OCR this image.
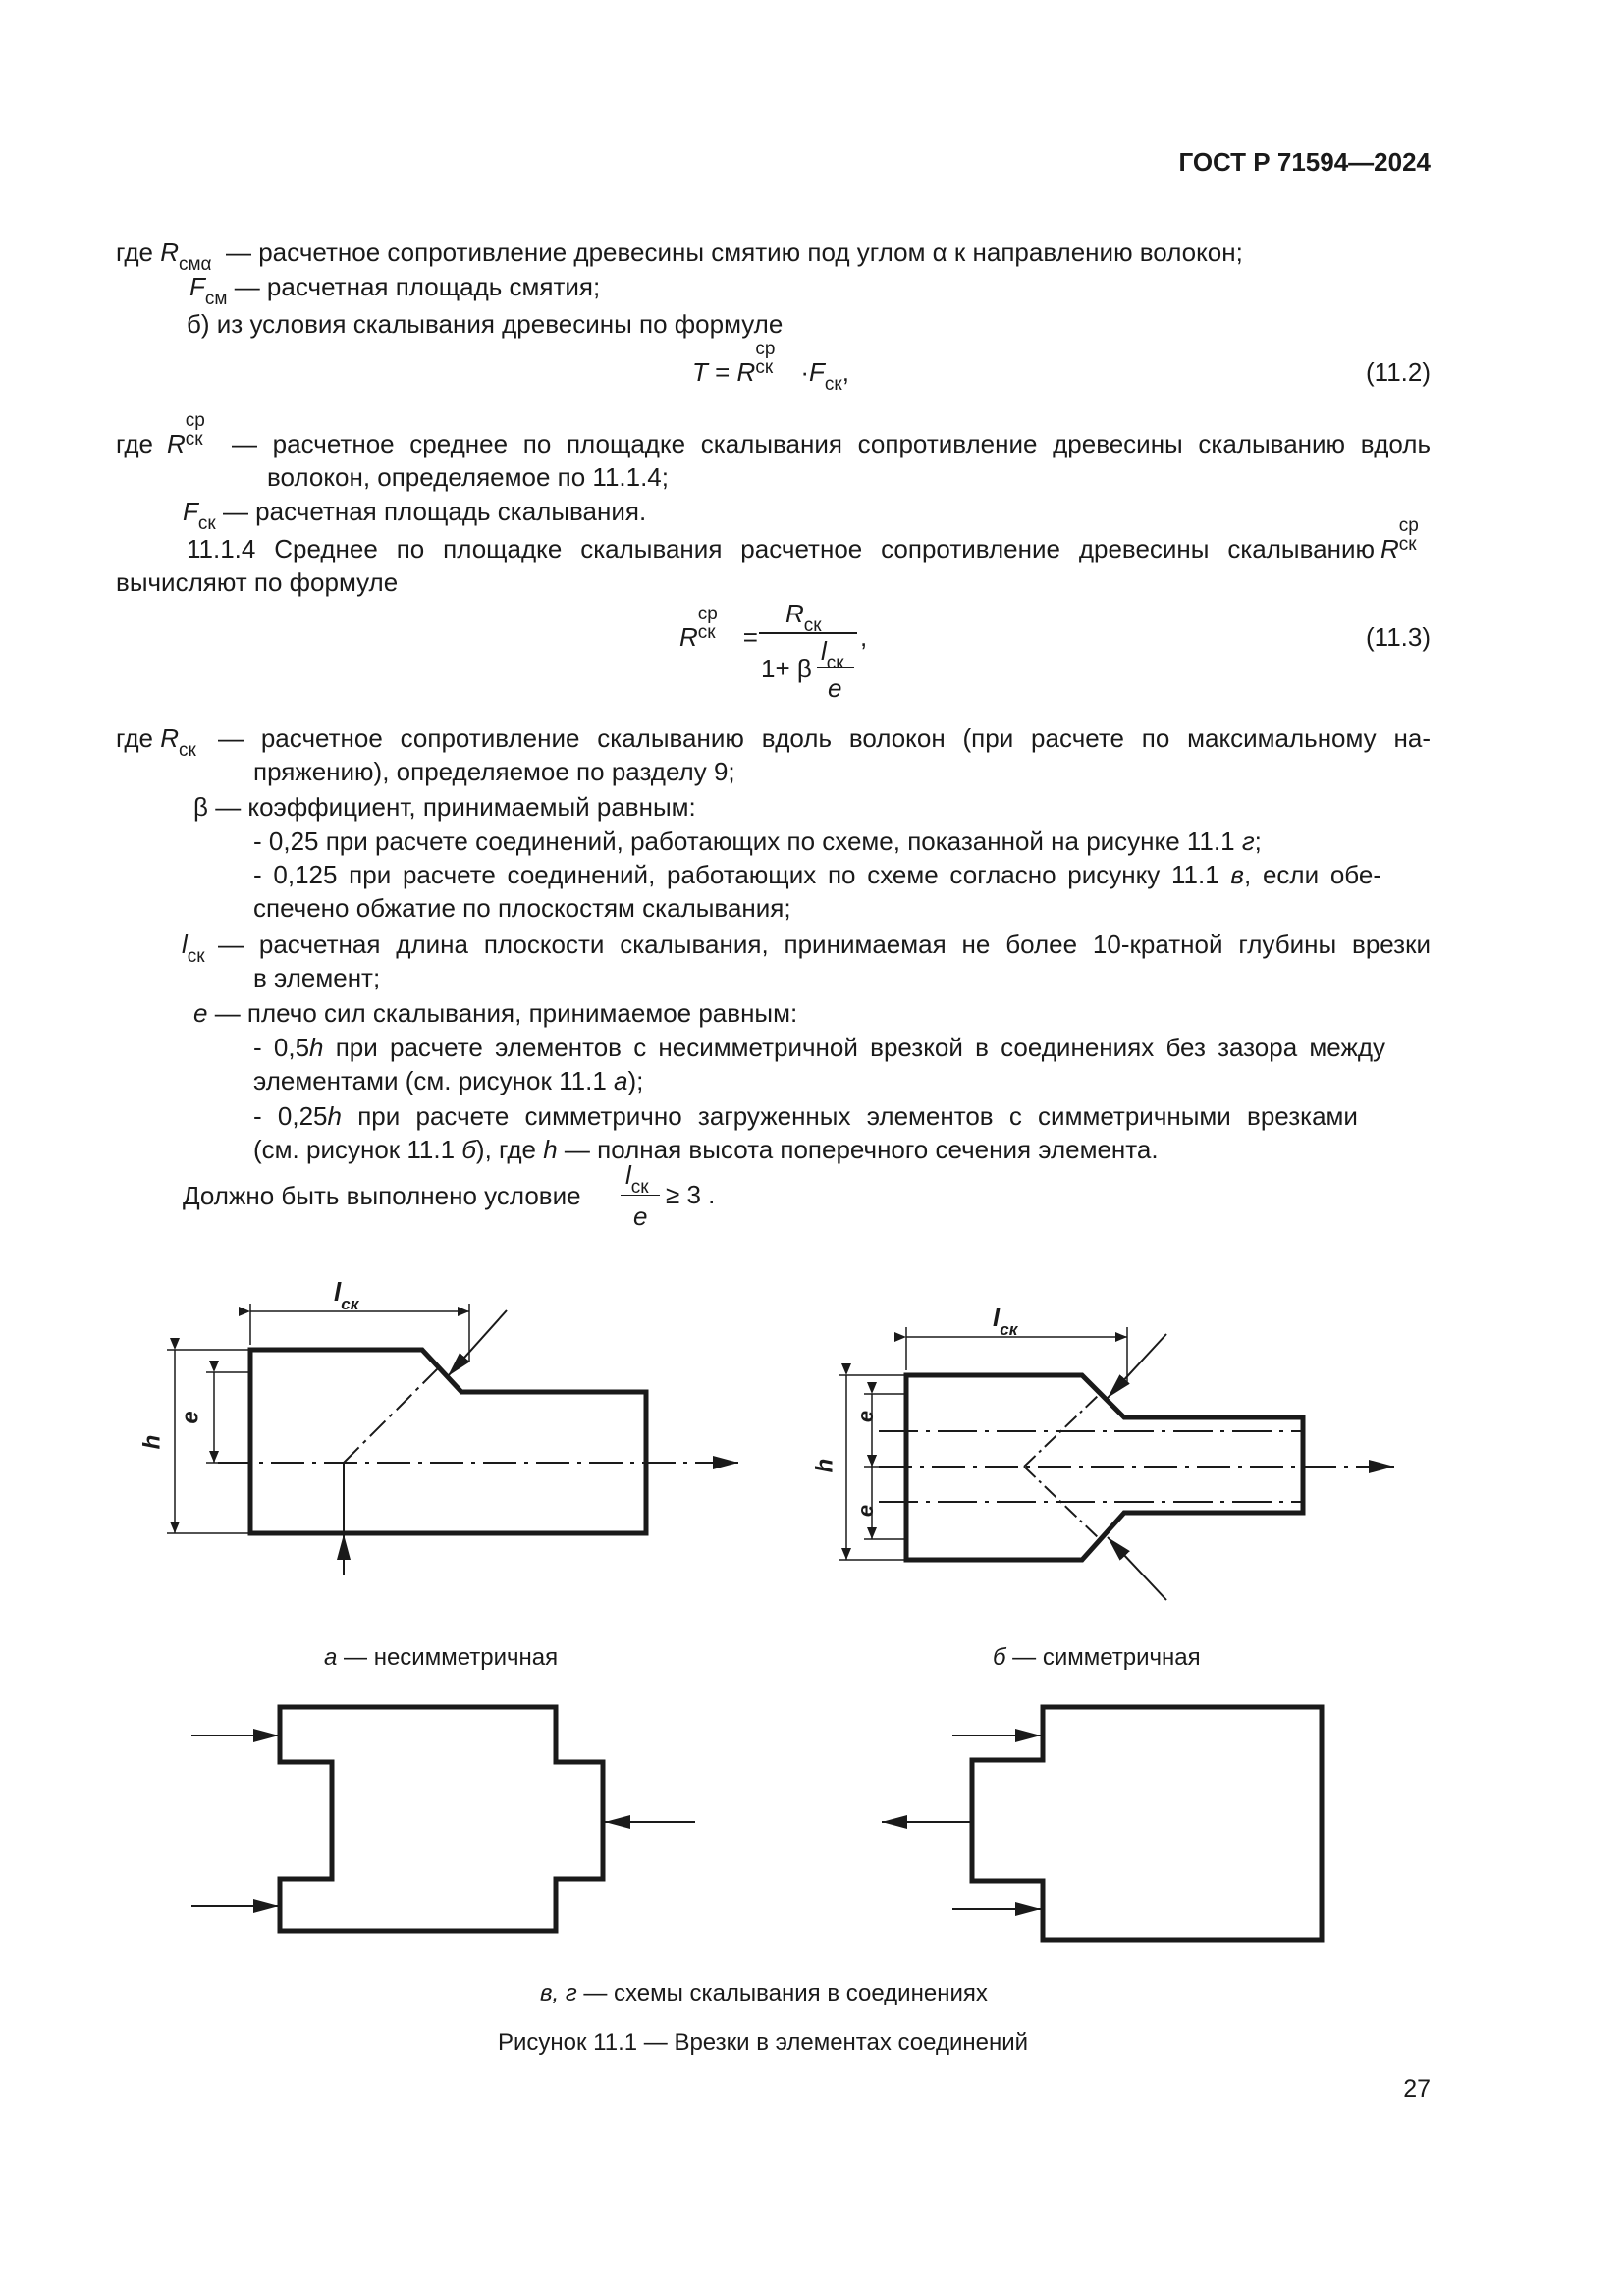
ГОСТ Р 71594—2024
где $R_{см\alpha}$ — расчетное сопротивление древесины смятию под углом α к направлению волокон;
$F_{см}$ — расчетная площадь смятия;
б) из условия скалывания древесины по формуле
T = R
ср
ск $\cdot F_{ск}$,	(11.2)
где R
ср
ск — расчетное среднее по площадке скалывания сопротивление древесины скалыванию вдоль
волокон, определяемое по 11.1.4;
$F_{ск}$ — расчетная площадь скалывания.
11.1.4 Среднее по площадке скалывания расчетное сопротивление древесины скалыванию R
ср
ск
вычисляют по формуле
R
ср
ск =
$R_{ск}$
1+ β
$l_{ск}$
e
,	(11.3)
где $R_{ск}$ — расчетное сопротивление скалыванию вдоль волокон (при расчете по максимальному на-
пряжению), определяемое по разделу 9;
β — коэффициент, принимаемый равным:
- 0,25 при расчете соединений, работающих по схеме, показанной на рисунке 11.1 г;
- 0,125 при расчете соединений, работающих по схеме согласно рисунку 11.1 в, если обе-
спечено обжатие по плоскостям скалывания;
$l_{ск}$ — расчетная длина плоскости скалывания, принимаемая не более 10-кратной глубины врезки
в элемент;
e — плечо сил скалывания, принимаемое равным:
- 0,5h при расчете элементов с несимметричной врезкой в соединениях без зазора между
элементами (см. рисунок 11.1 а);
- 0,25h при расчете симметрично загруженных элементов с симметричными врезками
(см. рисунок 11.1 б), где h — полная высота поперечного сечения элемента.
Должно быть выполнено условие
$l_{ск}$
e
≥ 3 .
$l_{ск}$
e
h
$l_{ск}$
e
e
h
а — несимметричная	б — симметричная
в, г — схемы скалывания в соединениях
Рисунок 11.1 — Врезки в элементах соединений
27
